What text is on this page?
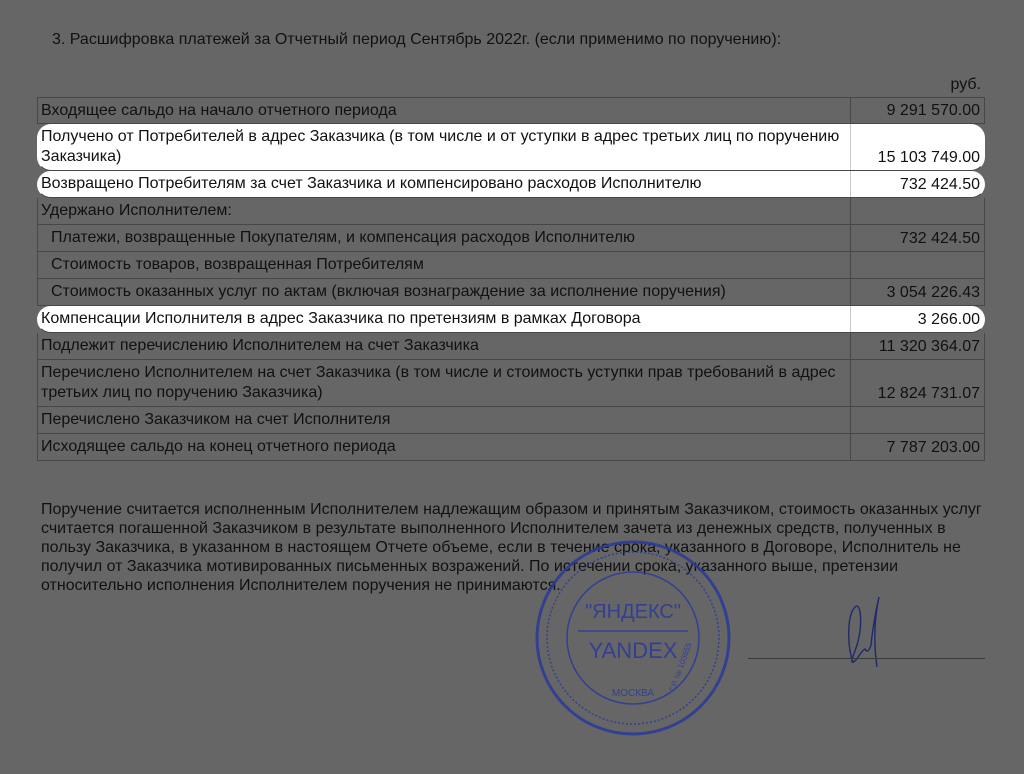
3. Расшифровка платежей за Отчетный период Сентябрь 2022г. (если применимо по поручению):
руб.
Входящее сальдо на начало отчетного периода	9 291 570.00
Получено от Потребителей в адрес Заказчика (в том числе и от уступки в адрес третьих лиц по поручению Заказчика)	15 103 749.00
Возвращено Потребителям за счет Заказчика и компенсировано расходов Исполнителю	732 424.50
Удержано Исполнителем:
Платежи, возвращенные Покупателям, и компенсация расходов Исполнителю	732 424.50
Стоимость товаров, возвращенная Потребителям
Стоимость оказанных услуг по актам (включая вознаграждение за исполнение поручения)	3 054 226.43
Компенсации Исполнителя в адрес Заказчика по претензиям в рамках Договора	3 266.00
Подлежит перечислению Исполнителем на счет Заказчика	11 320 364.07
Перечислено Исполнителем на счет Заказчика (в том числе и стоимость уступки прав требований в адрес третьих лиц по поручению Заказчика)	12 824 731.07
Перечислено Заказчиком на счет Исполнителя
Исходящее сальдо на конец отчетного периода	7 787 203.00
Поручение считается исполненным Исполнителем надлежащим образом и принятым Заказчиком, стоимость оказанных услуг считается погашенной Заказчиком в результате выполненного Исполнителем зачета из денежных средств, полученных в пользу Заказчика, в указанном в настоящем Отчете объеме, если в течение срока, указанного в Договоре, Исполнитель не получил от Заказчика мотивированных письменных возражений. По истечении срока, указанного выше, претензии относительно исполнения Исполнителем поручения не принимаются.
"ЯНДЕКС"
YANDEX
МОСКВА
Г.Р. № 103655
